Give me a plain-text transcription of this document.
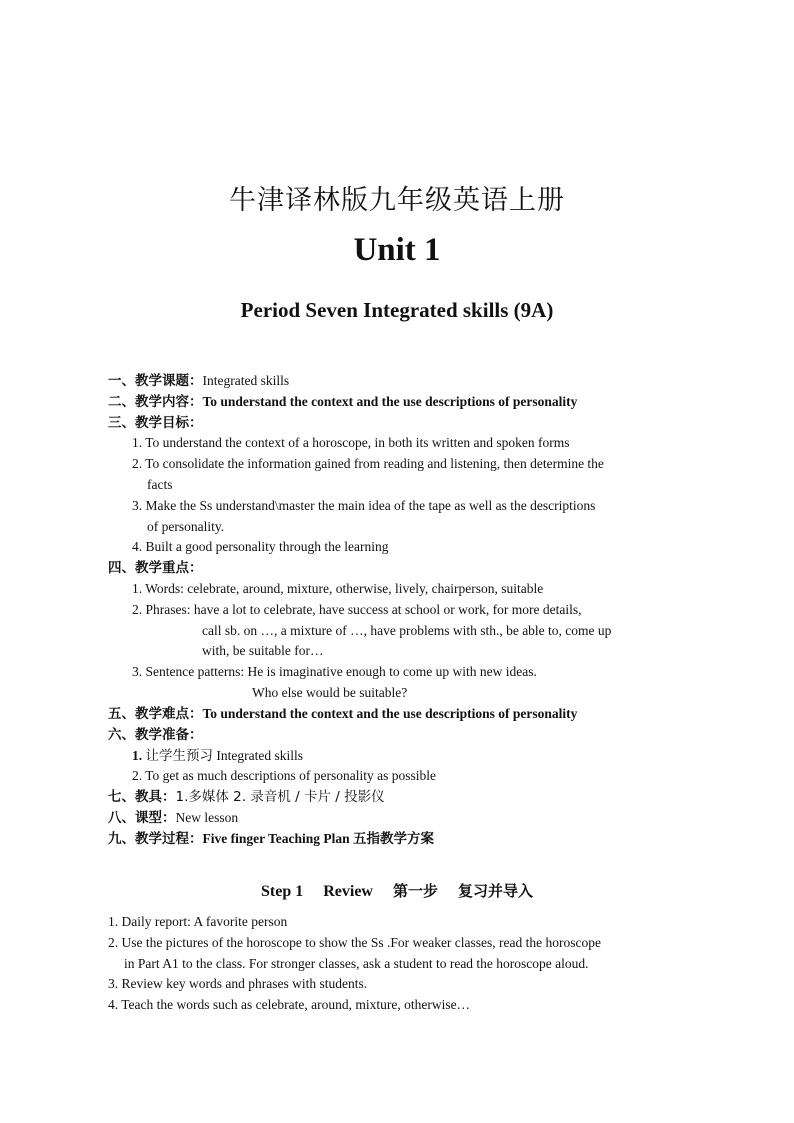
牛津译林版九年级英语上册
Unit 1
Period Seven Integrated skills (9A)
一、教学课题：Integrated skills
二、教学内容：To understand the context and the use descriptions of personality
三、教学目标：
1. To understand the context of a horoscope, in both its written and spoken forms
2. To consolidate the information gained from reading and listening, then determine the
facts
3. Make the Ss understand\master the main idea of the tape as well as the descriptions
of personality.
4. Built a good personality through the learning
四、教学重点：
1. Words: celebrate, around, mixture, otherwise, lively, chairperson, suitable
2. Phrases: have a lot to celebrate, have success at school or work, for more details,
call sb. on …, a mixture of …, have problems with sth., be able to, come up
with, be suitable for…
3. Sentence patterns: He is imaginative enough to come up with new ideas.
Who else would be suitable?
五、教学难点：To understand the context and the use descriptions of personality
六、教学准备：
1. 让学生预习 Integrated skills
2. To get as much descriptions of personality as possible
七、教具：1.多媒体 2. 录音机 / 卡片 / 投影仪
八、课型：New lesson
九、教学过程：Five finger Teaching Plan 五指教学方案
Step 1 Review 第一步 复习并导入
1. Daily report: A favorite person
2. Use the pictures of the horoscope to show the Ss .For weaker classes, read the horoscope
in Part A1 to the class. For stronger classes, ask a student to read the horoscope aloud.
3. Review key words and phrases with students.
4. Teach the words such as celebrate, around, mixture, otherwise…
